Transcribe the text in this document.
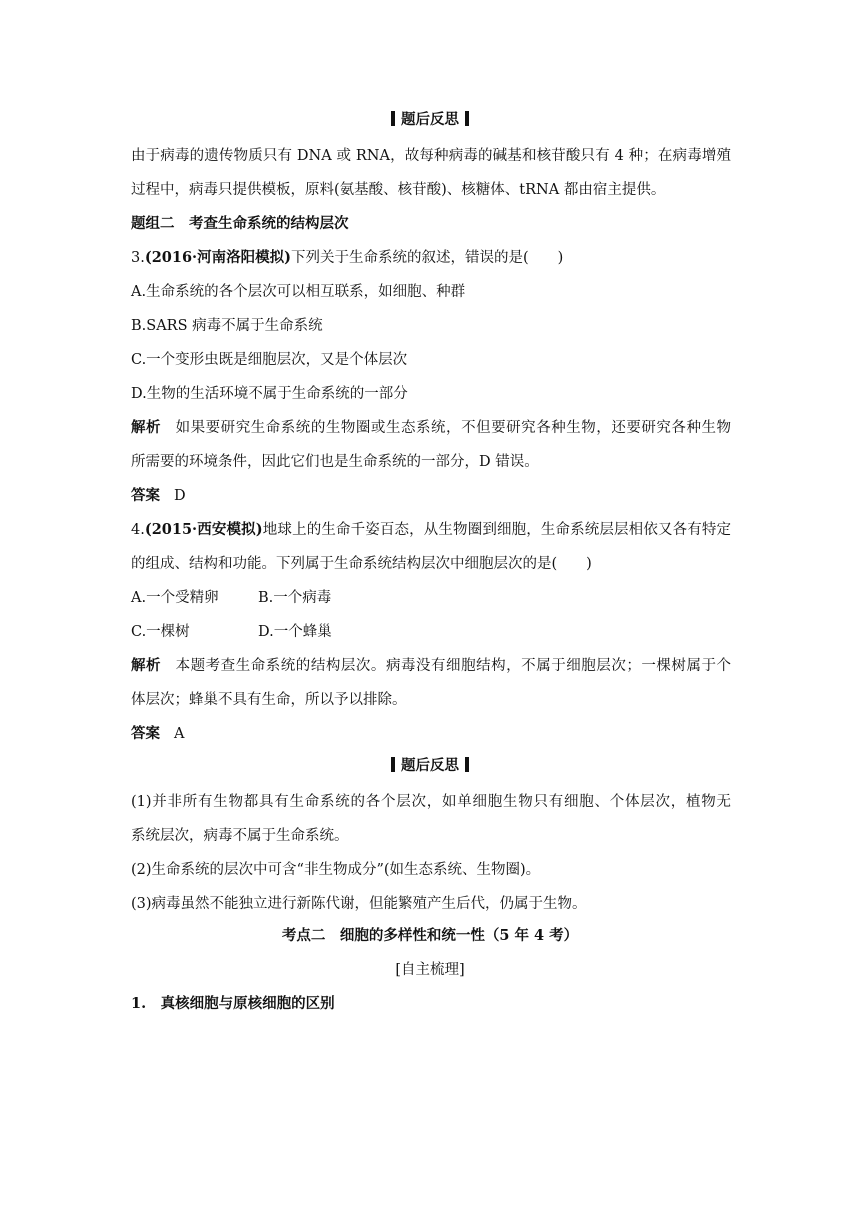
题后反思
由于病毒的遗传物质只有 DNA 或 RNA，故每种病毒的碱基和核苷酸只有 4 种；在病毒增殖
过程中，病毒只提供模板，原料(氨基酸、核苷酸)、核糖体、tRNA 都由宿主提供。
题组二　考查生命系统的结构层次
3.(2016·河南洛阳模拟)下列关于生命系统的叙述，错误的是(　　)
A.生命系统的各个层次可以相互联系，如细胞、种群
B.SARS 病毒不属于生命系统
C.一个变形虫既是细胞层次，又是个体层次
D.生物的生活环境不属于生命系统的一部分
解析 如果要研究生命系统的生物圈或生态系统，不但要研究各种生物，还要研究各种生物
所需要的环境条件，因此它们也是生命系统的一部分，D 错误。
答案 D
4.(2015·西安模拟)地球上的生命千姿百态，从生物圈到细胞，生命系统层层相依又各有特定
的组成、结构和功能。下列属于生命系统结构层次中细胞层次的是(　　)
A.一个受精卵	B.一个病毒
C.一棵树	D.一个蜂巢
解析 本题考查生命系统的结构层次。病毒没有细胞结构，不属于细胞层次；一棵树属于个
体层次；蜂巢不具有生命，所以予以排除。
答案 A
题后反思
(1)并非所有生物都具有生命系统的各个层次，如单细胞生物只有细胞、个体层次，植物无
系统层次，病毒不属于生命系统。
(2)生命系统的层次中可含“非生物成分”(如生态系统、生物圈)。
(3)病毒虽然不能独立进行新陈代谢，但能繁殖产生后代，仍属于生物。
考点二　细胞的多样性和统一性（5 年 4 考）
[自主梳理]
1.　真核细胞与原核细胞的区别
